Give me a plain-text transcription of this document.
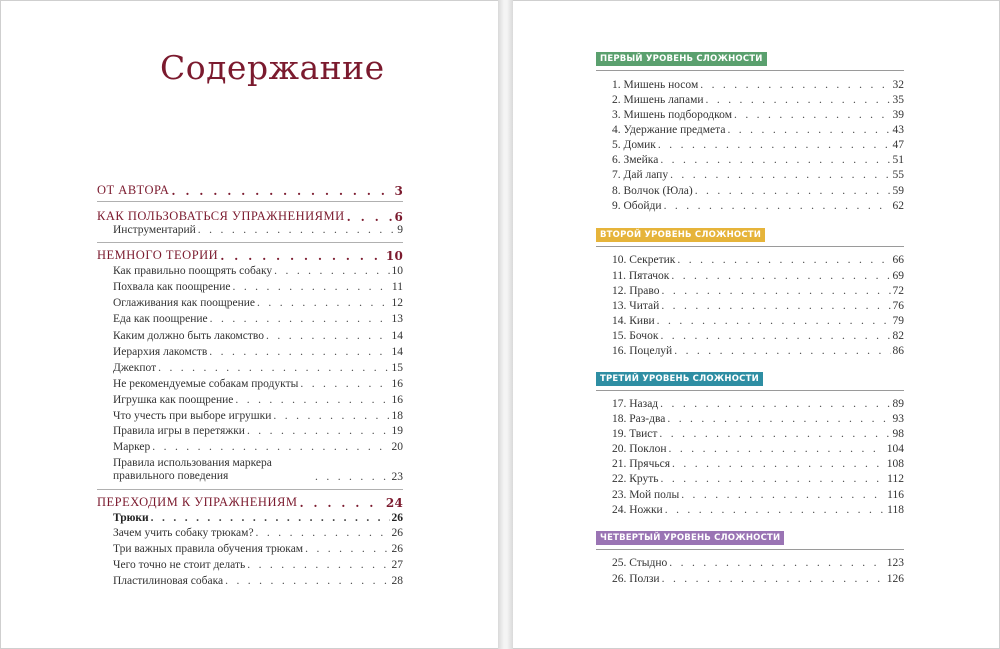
Содержание
ОТ АВТОРА . . .	3
КАК ПОЛЬЗОВАТЬСЯ УПРАЖНЕНИЯМИ . . .	6
Инструментарий . . .	9
НЕМНОГО ТЕОРИИ . . .	10
Как правильно поощрять собаку . . .	10
Похвала как поощрение . . .	11
Оглаживания как поощрение . . .	12
Еда как поощрение . . .	13
Каким должно быть лакомство . . .	14
Иерархия лакомств . . .	14
Джекпот . . .	15
Не рекомендуемые собакам продукты . . .	16
Игрушка как поощрение . . .	16
Что учесть при выборе игрушки . . .	18
Правила игры в перетяжки . . .	19
Маркер . . .	20
Правила использования маркера правильного поведения . . .	23
ПЕРЕХОДИМ К УПРАЖНЕНИЯМ . . .	24
Трюки . . .	26
Зачем учить собаку трюкам? . . .	26
Три важных правила обучения трюкам . . .	26
Чего точно не стоит делать . . .	27
Пластилиновая собака . . .	28
ПЕРВЫЙ УРОВЕНЬ СЛОЖНОСТИ
1. Мишень носом . . .	32
2. Мишень лапами . . .	35
3. Мишень подбородком . . .	39
4. Удержание предмета . . .	43
5. Домик . . .	47
6. Змейка . . .	51
7. Дай лапу . . .	55
8. Волчок (Юла) . . .	59
9. Обойди . . .	62
ВТОРОЙ УРОВЕНЬ СЛОЖНОСТИ
10. Секретик . . .	66
11. Пятачок . . .	69
12. Право . . .	72
13. Читай . . .	76
14. Киви . . .	79
15. Бочок . . .	82
16. Поцелуй . . .	86
ТРЕТИЙ УРОВЕНЬ СЛОЖНОСТИ
17. Назад . . .	89
18. Раз-два . . .	93
19. Твист . . .	98
20. Поклон . . .	104
21. Прячься . . .	108
22. Круть . . .	112
23. Мой полы . . .	116
24. Ножки . . .	118
ЧЕТВЕРТЫЙ УРОВЕНЬ СЛОЖНОСТИ
25. Стыдно . . .	123
26. Ползи . . .	126
